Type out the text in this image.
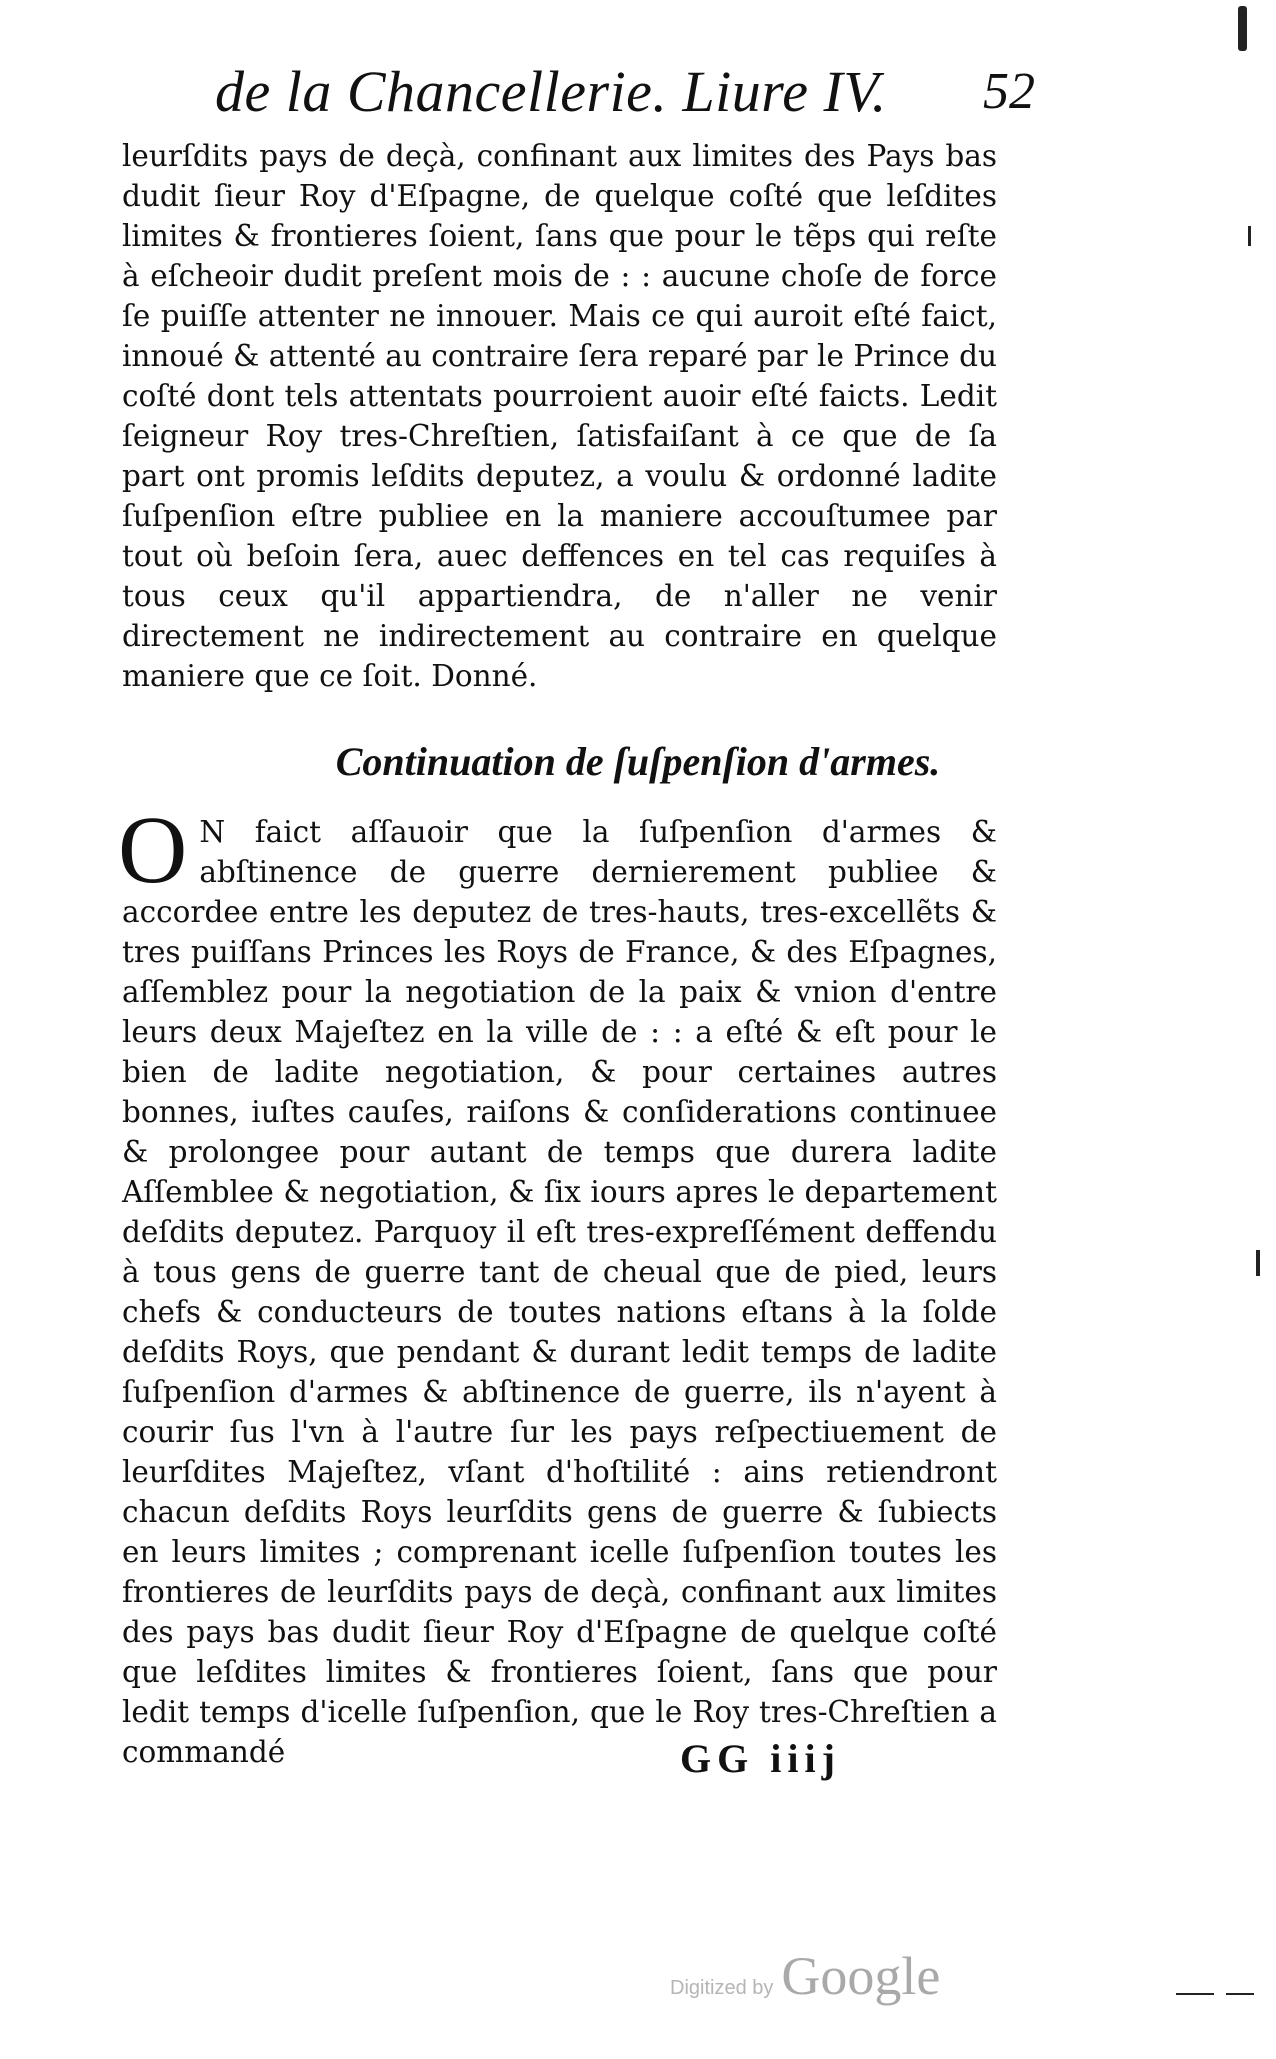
de la Chancellerie. Liure IV. 52
leurſdits pays de deçà, confinant aux limites des Pays bas dudit ſieur Roy d'Eſpagne, de quelque coſté que leſdites limites & frontieres ſoient, ſans que pour le tẽps qui reſte à eſcheoir dudit preſent mois de : : aucune choſe de force ſe puiſſe attenter ne innouer. Mais ce qui auroit eſté faict, innoué & attenté au contraire ſera reparé par le Prince du coſté dont tels attentats pourroient auoir eſté faicts. Ledit ſeigneur Roy tres-Chreſtien, ſatisfaiſant à ce que de ſa part ont promis leſdits deputez, a voulu & ordonné ladite ſuſpenſion eſtre publiee en la maniere accouſtumee par tout où beſoin ſera, auec deffences en tel cas requiſes à tous ceux qu'il appartiendra, de n'aller ne venir directement ne indirectement au contraire en quelque maniere que ce ſoit. Donné.
Continuation de ſuſpenſion d'armes.

O N faict aſſauoir que la ſuſpenſion d'armes & abſtinence de guerre dernierement publiee & accordee entre les deputez de tres-hauts, tres-excellẽts & tres puiſſans Princes les Roys de France, & des Eſpagnes, aſſemblez pour la negotiation de la paix & vnion d'entre leurs deux Majeſtez en la ville de : : a eſté & eſt pour le bien de ladite negotiation, & pour certaines autres bonnes, iuſtes cauſes, raiſons & conſiderations continuee & prolongee pour autant de temps que durera ladite Aſſemblee & negotiation, & ſix iours apres le departement deſdits deputez. Parquoy il eſt tres-expreſſément deffendu à tous gens de guerre tant de cheual que de pied, leurs chefs & conducteurs de toutes nations eſtans à la ſolde deſdits Roys, que pendant & durant ledit temps de ladite ſuſpenſion d'armes & abſtinence de guerre, ils n'ayent à courir ſus l'vn à l'autre ſur les pays reſpectiuement de leurſdites Majeſtez, vſant d'hoſtilité : ains retiendront chacun deſdits Roys leurſdits gens de guerre & ſubiects en leurs limites ; comprenant icelle ſuſpenſion toutes les frontieres de leurſdits pays de deçà, confinant aux limites des pays bas dudit ſieur Roy d'Eſpagne de quelque coſté que leſdites limites & frontieres ſoient, ſans que pour ledit temps d'icelle ſuſpenſion, que le Roy tres-Chreſtien a commandé	GG iiij
Digitized by Google
